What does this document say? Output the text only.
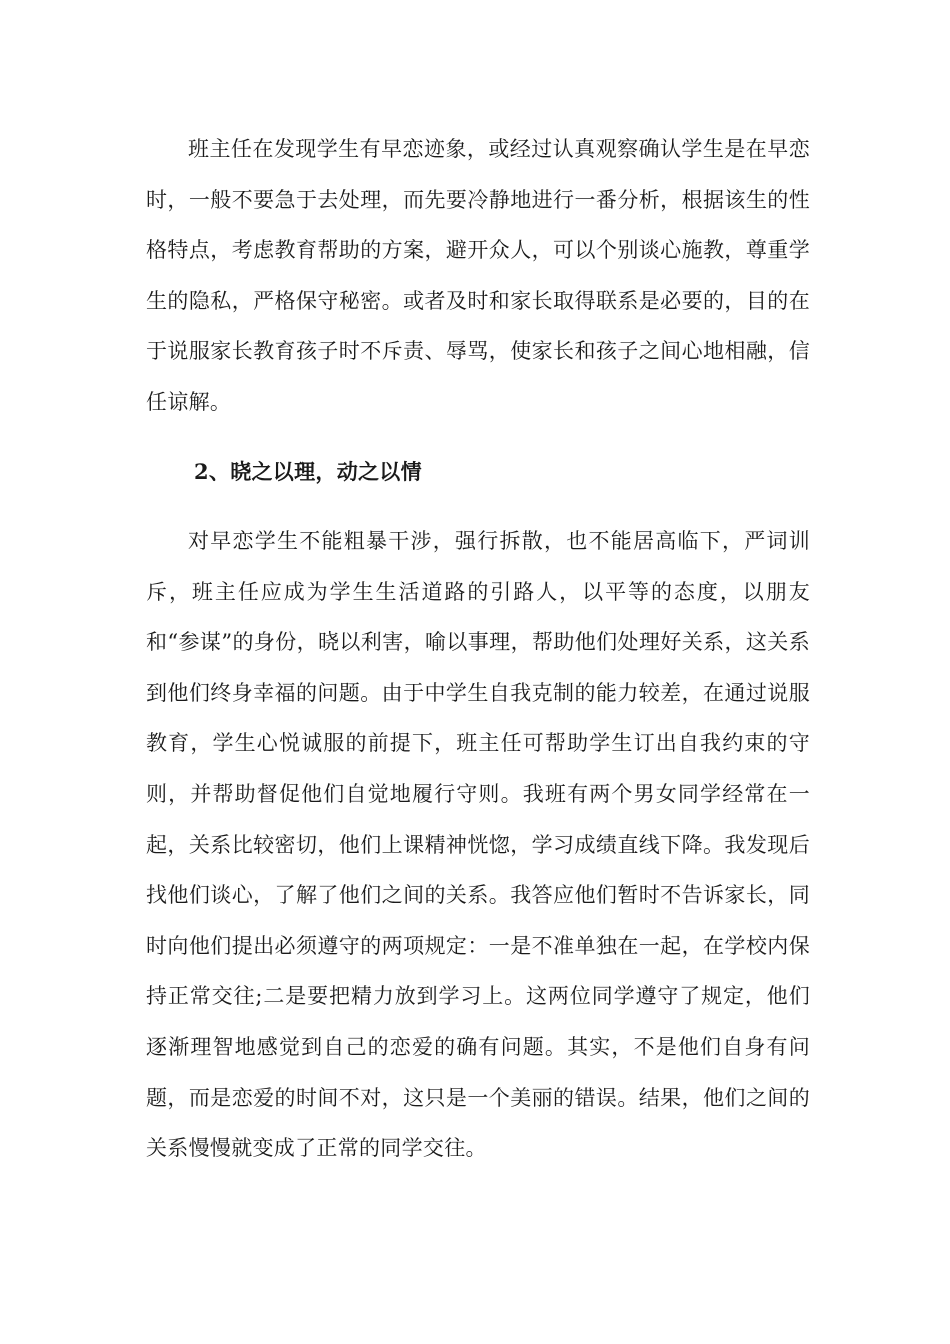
班主任在发现学生有早恋迹象，或经过认真观察确认学生是在早恋时，一般不要急于去处理，而先要冷静地进行一番分析，根据该生的性格特点，考虑教育帮助的方案，避开众人，可以个别谈心施教，尊重学生的隐私，严格保守秘密。或者及时和家长取得联系是必要的，目的在于说服家长教育孩子时不斥责、辱骂，使家长和孩子之间心地相融，信任谅解。

2、晓之以理，动之以情

对早恋学生不能粗暴干涉，强行拆散，也不能居高临下，严词训斥，班主任应成为学生生活道路的引路人，以平等的态度，以朋友和“参谋”的身份，晓以利害，喻以事理，帮助他们处理好关系，这关系到他们终身幸福的问题。由于中学生自我克制的能力较差，在通过说服教育，学生心悦诚服的前提下，班主任可帮助学生订出自我约束的守则，并帮助督促他们自觉地履行守则。我班有两个男女同学经常在一起，关系比较密切，他们上课精神恍惚，学习成绩直线下降。我发现后找他们谈心，了解了他们之间的关系。我答应他们暂时不告诉家长，同时向他们提出必须遵守的两项规定：一是不准单独在一起，在学校内保持正常交往;二是要把精力放到学习上。这两位同学遵守了规定，他们逐渐理智地感觉到自己的恋爱的确有问题。其实，不是他们自身有问题，而是恋爱的时间不对，这只是一个美丽的错误。结果，他们之间的关系慢慢就变成了正常的同学交往。
